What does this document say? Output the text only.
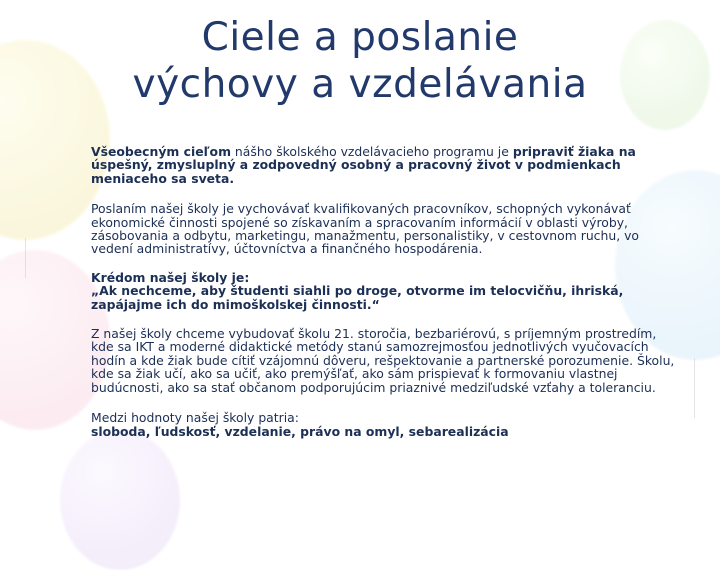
Ciele a poslanie
výchovy a vzdelávania

Všeobecným cieľom nášho školského vzdelávacieho programu je pripraviť žiaka na úspešný, zmysluplný a zodpovedný osobný a pracovný život v podmienkach meniaceho sa sveta.

Poslaním našej školy je vychovávať kvalifikovaných pracovníkov, schopných vykonávať ekonomické činnosti spojené so získavaním a spracovaním informácií v oblasti výroby, zásobovania a odbytu, marketingu, manažmentu, personalistiky, v cestovnom ruchu, vo vedení administratívy, účtovníctva a finančného hospodárenia.

Krédom našej školy je:
„Ak nechceme, aby študenti siahli po droge, otvorme im telocvičňu, ihriská, zapájajme ich do mimoškolskej činnosti.“

Z našej školy chceme vybudovať školu 21. storočia, bezbariérovú, s príjemným prostredím, kde sa IKT a moderné didaktické metódy stanú samozrejmosťou jednotlivých vyučovacích hodín a kde žiak bude cítiť vzájomnú dôveru, rešpektovanie a partnerské porozumenie. Školu, kde sa žiak učí, ako sa učiť, ako premýšľať, ako sám prispievať k formovaniu vlastnej budúcnosti, ako sa stať občanom podporujúcim priaznivé medziľudské vzťahy a toleranciu.

Medzi hodnoty našej školy patria:
sloboda, ľudskosť, vzdelanie, právo na omyl, sebarealizácia
